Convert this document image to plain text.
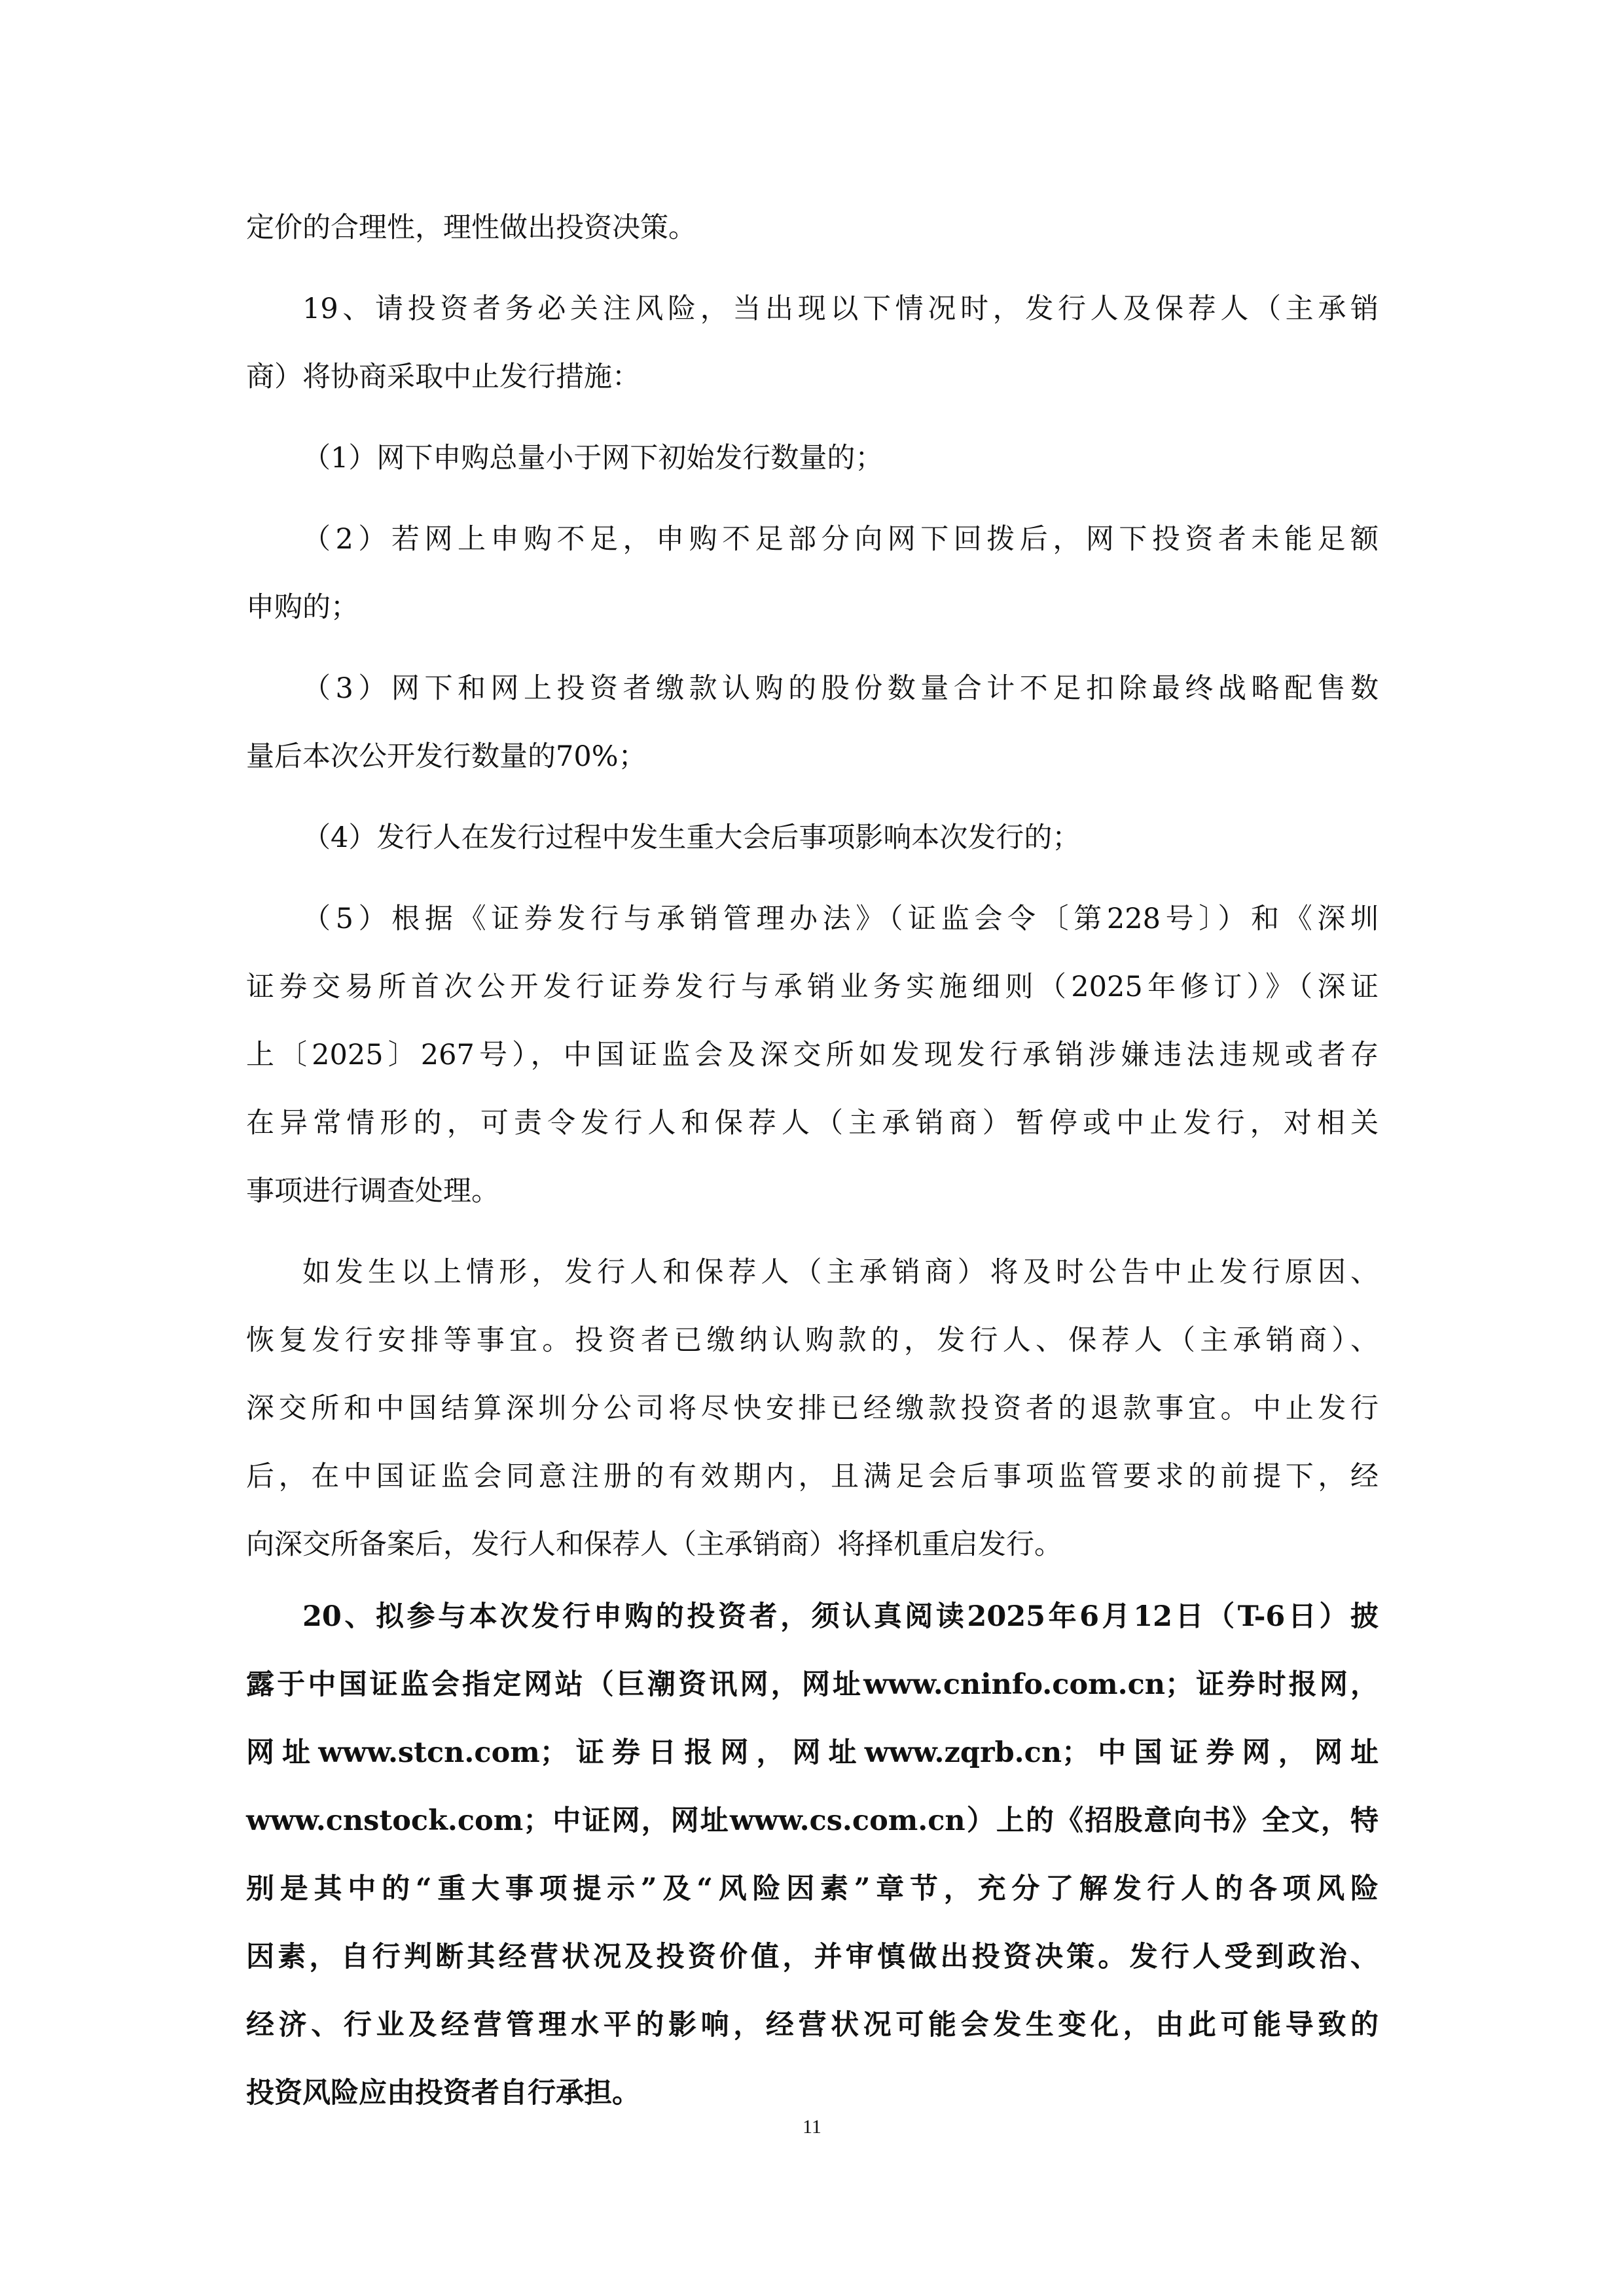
定价的合理性，理性做出投资决策。
19、请投资者务必关注风险，当出现以下情况时，发行人及保荐人（主承销
商）将协商采取中止发行措施：
（1）网下申购总量小于网下初始发行数量的；
（2）若网上申购不足，申购不足部分向网下回拨后，网下投资者未能足额
申购的；
（3）网下和网上投资者缴款认购的股份数量合计不足扣除最终战略配售数
量后本次公开发行数量的70%；
（4）发行人在发行过程中发生重大会后事项影响本次发行的；
（5）根据《证券发行与承销管理办法》（证监会令〔第228号〕）和《深圳
证券交易所首次公开发行证券发行与承销业务实施细则（2025年修订）》（深证
上〔2025〕267号），中国证监会及深交所如发现发行承销涉嫌违法违规或者存
在异常情形的，可责令发行人和保荐人（主承销商）暂停或中止发行，对相关
事项进行调查处理。
如发生以上情形，发行人和保荐人（主承销商）将及时公告中止发行原因、
恢复发行安排等事宜。投资者已缴纳认购款的，发行人、保荐人（主承销商）、
深交所和中国结算深圳分公司将尽快安排已经缴款投资者的退款事宜。中止发行
后，在中国证监会同意注册的有效期内，且满足会后事项监管要求的前提下，经
向深交所备案后，发行人和保荐人（主承销商）将择机重启发行。
20、拟参与本次发行申购的投资者，须认真阅读2025年6月12日（T-6日）披
露于中国证监会指定网站（巨潮资讯网，网址www.cninfo.com.cn；证券时报网，
网址www.stcn.com；证券日报网，网址www.zqrb.cn；中国证券网，网址
www.cnstock.com；中证网，网址www.cs.com.cn）上的《招股意向书》全文，特
别是其中的“重大事项提示”及“风险因素”章节，充分了解发行人的各项风险
因素，自行判断其经营状况及投资价值，并审慎做出投资决策。发行人受到政治、
经济、行业及经营管理水平的影响，经营状况可能会发生变化，由此可能导致的
投资风险应由投资者自行承担。
11
